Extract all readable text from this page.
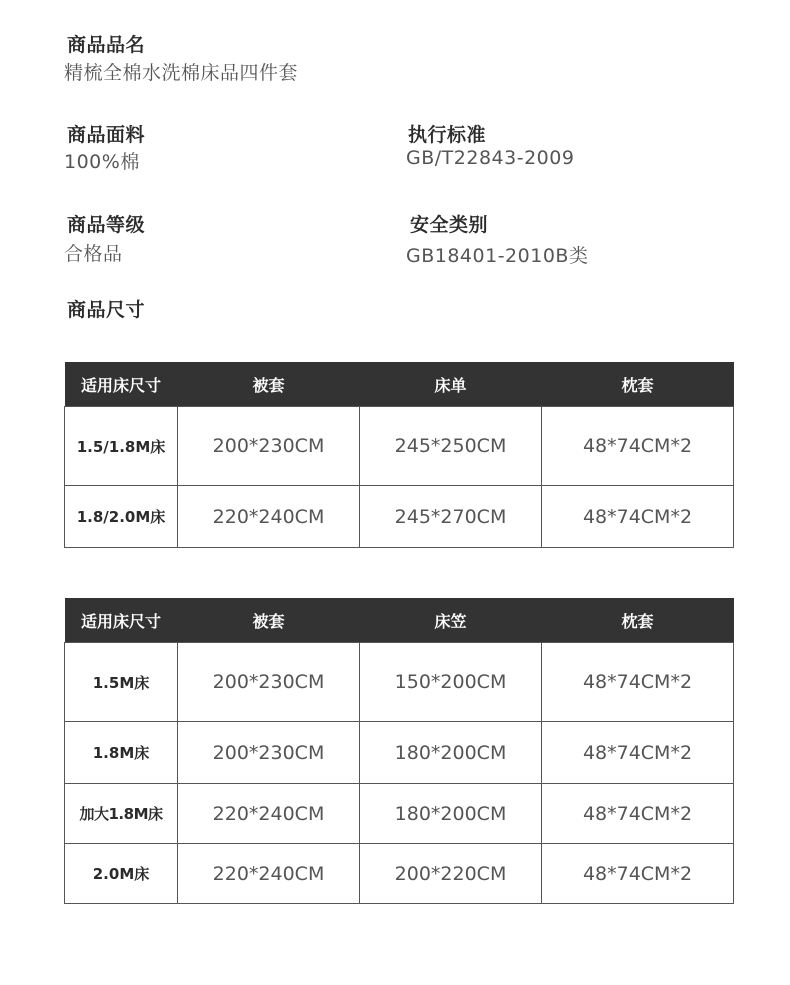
商品品名
精梳全棉水洗棉床品四件套
商品面料
100%棉
执行标准
GB/T22843-2009
商品等级
合格品
安全类别
GB18401-2010B类
商品尺寸
适用床尺寸	被套	床单	枕套
1.5/1.8M床	200*230CM	245*250CM	48*74CM*2
1.8/2.0M床	220*240CM	245*270CM	48*74CM*2
适用床尺寸	被套	床笠	枕套
1.5M床	200*230CM	150*200CM	48*74CM*2
1.8M床	200*230CM	180*200CM	48*74CM*2
加大1.8M床	220*240CM	180*200CM	48*74CM*2
2.0M床	220*240CM	200*220CM	48*74CM*2
